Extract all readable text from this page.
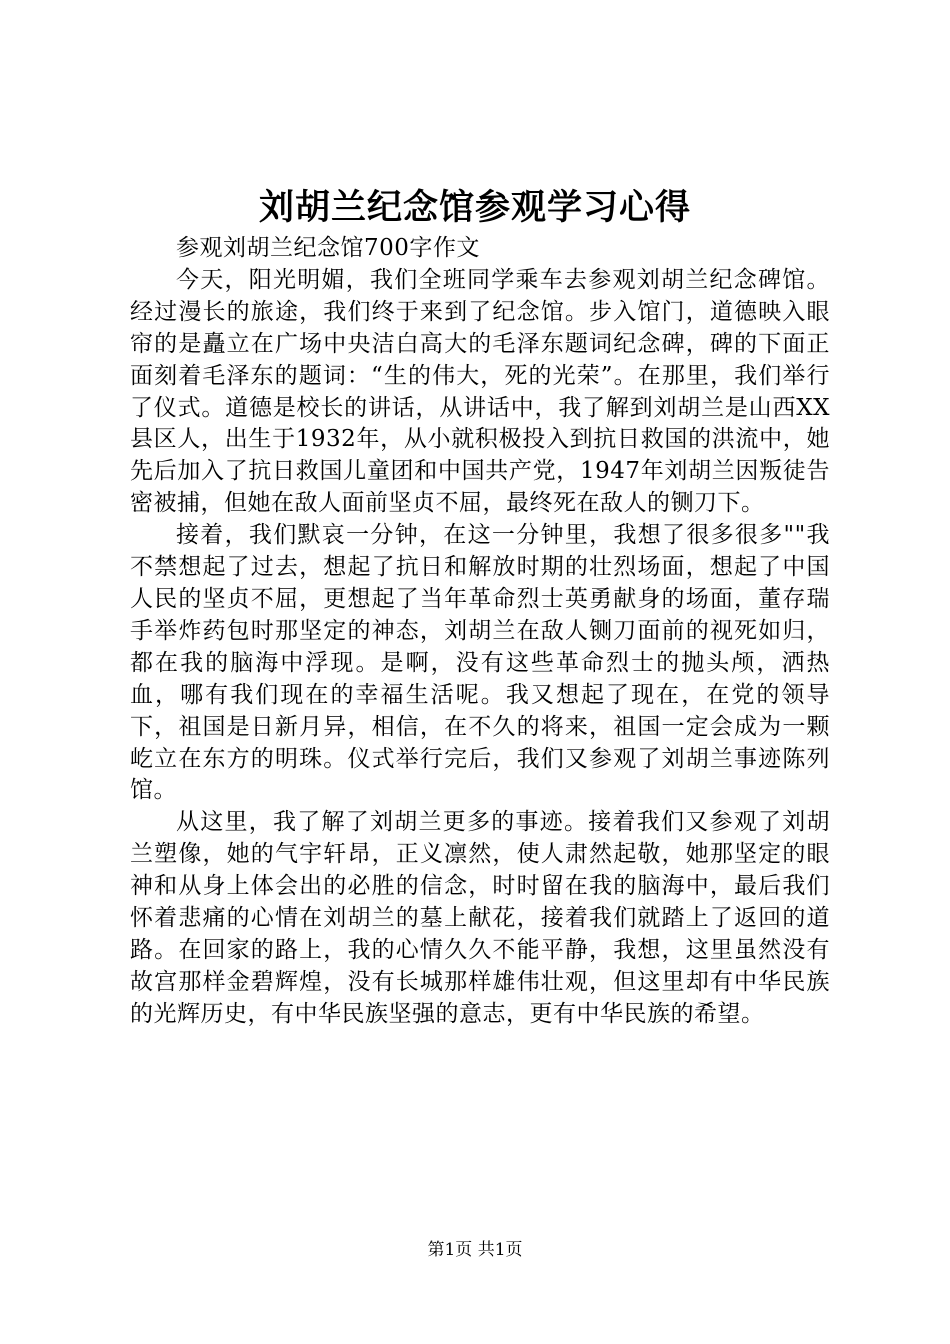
刘胡兰纪念馆参观学习心得

参观刘胡兰纪念馆700字作文

今天，阳光明媚，我们全班同学乘车去参观刘胡兰纪念碑馆。经过漫长的旅途，我们终于来到了纪念馆。步入馆门，道德映入眼帘的是矗立在广场中央洁白高大的毛泽东题词纪念碑，碑的下面正面刻着毛泽东的题词：“生的伟大，死的光荣”。在那里，我们举行了仪式。道德是校长的讲话，从讲话中，我了解到刘胡兰是山西XX县区人，出生于1932年，从小就积极投入到抗日救国的洪流中，她先后加入了抗日救国儿童团和中国共产党，1947年刘胡兰因叛徒告密被捕，但她在敌人面前坚贞不屈，最终死在敌人的铡刀下。

接着，我们默哀一分钟，在这一分钟里，我想了很多很多""我不禁想起了过去，想起了抗日和解放时期的壮烈场面，想起了中国人民的坚贞不屈，更想起了当年革命烈士英勇献身的场面，董存瑞手举炸药包时那坚定的神态，刘胡兰在敌人铡刀面前的视死如归，都在我的脑海中浮现。是啊，没有这些革命烈士的抛头颅，洒热血，哪有我们现在的幸福生活呢。我又想起了现在，在党的领导下，祖国是日新月异，相信，在不久的将来，祖国一定会成为一颗屹立在东方的明珠。仪式举行完后，我们又参观了刘胡兰事迹陈列馆。

从这里，我了解了刘胡兰更多的事迹。接着我们又参观了刘胡兰塑像，她的气宇轩昂，正义凛然，使人肃然起敬，她那坚定的眼神和从身上体会出的必胜的信念，时时留在我的脑海中，最后我们怀着悲痛的心情在刘胡兰的墓上献花，接着我们就踏上了返回的道路。在回家的路上，我的心情久久不能平静，我想，这里虽然没有故宫那样金碧辉煌，没有长城那样雄伟壮观，但这里却有中华民族的光辉历史，有中华民族坚强的意志，更有中华民族的希望。

第1页 共1页
